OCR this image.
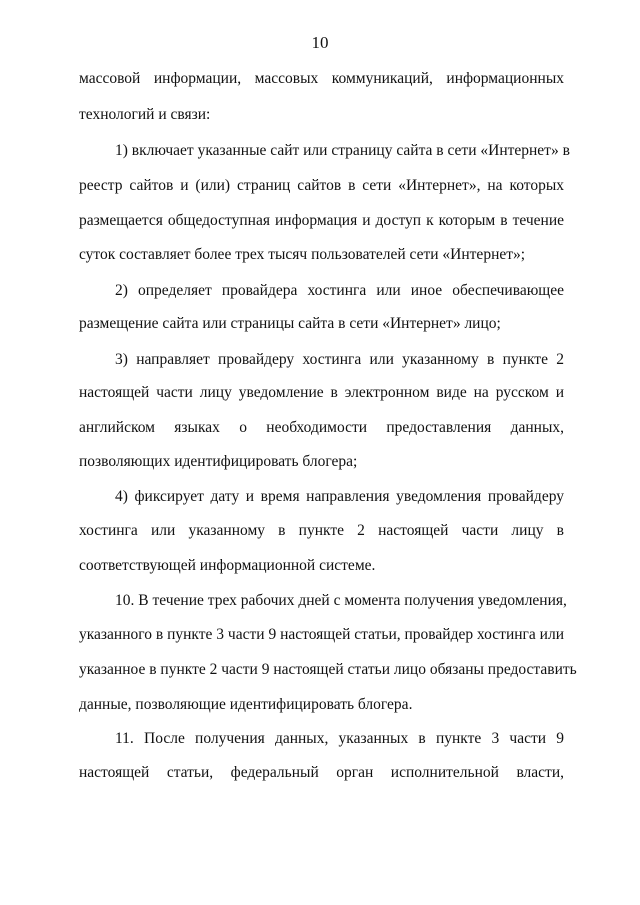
10
массовой информации, массовых коммуникаций, информационных
технологий и связи:
1) включает указанные сайт или страницу сайта в сети «Интернет» в
реестр сайтов и (или) страниц сайтов в сети «Интернет», на которых
размещается общедоступная информация и доступ к которым в течение
суток составляет более трех тысяч пользователей сети «Интернет»;
2) определяет провайдера хостинга или иное обеспечивающее
размещение сайта или страницы сайта в сети «Интернет» лицо;
3) направляет провайдеру хостинга или указанному в пункте 2
настоящей части лицу уведомление в электронном виде на русском и
английском языках о необходимости предоставления данных,
позволяющих идентифицировать блогера;
4) фиксирует дату и время направления уведомления провайдеру
хостинга или указанному в пункте 2 настоящей части лицу в
соответствующей информационной системе.
10. В течение трех рабочих дней с момента получения уведомления,
указанного в пункте 3 части 9 настоящей статьи, провайдер хостинга или
указанное в пункте 2 части 9 настоящей статьи лицо обязаны предоставить
данные, позволяющие идентифицировать блогера.
11. После получения данных, указанных в пункте 3 части 9
настоящей статьи, федеральный орган исполнительной власти,
